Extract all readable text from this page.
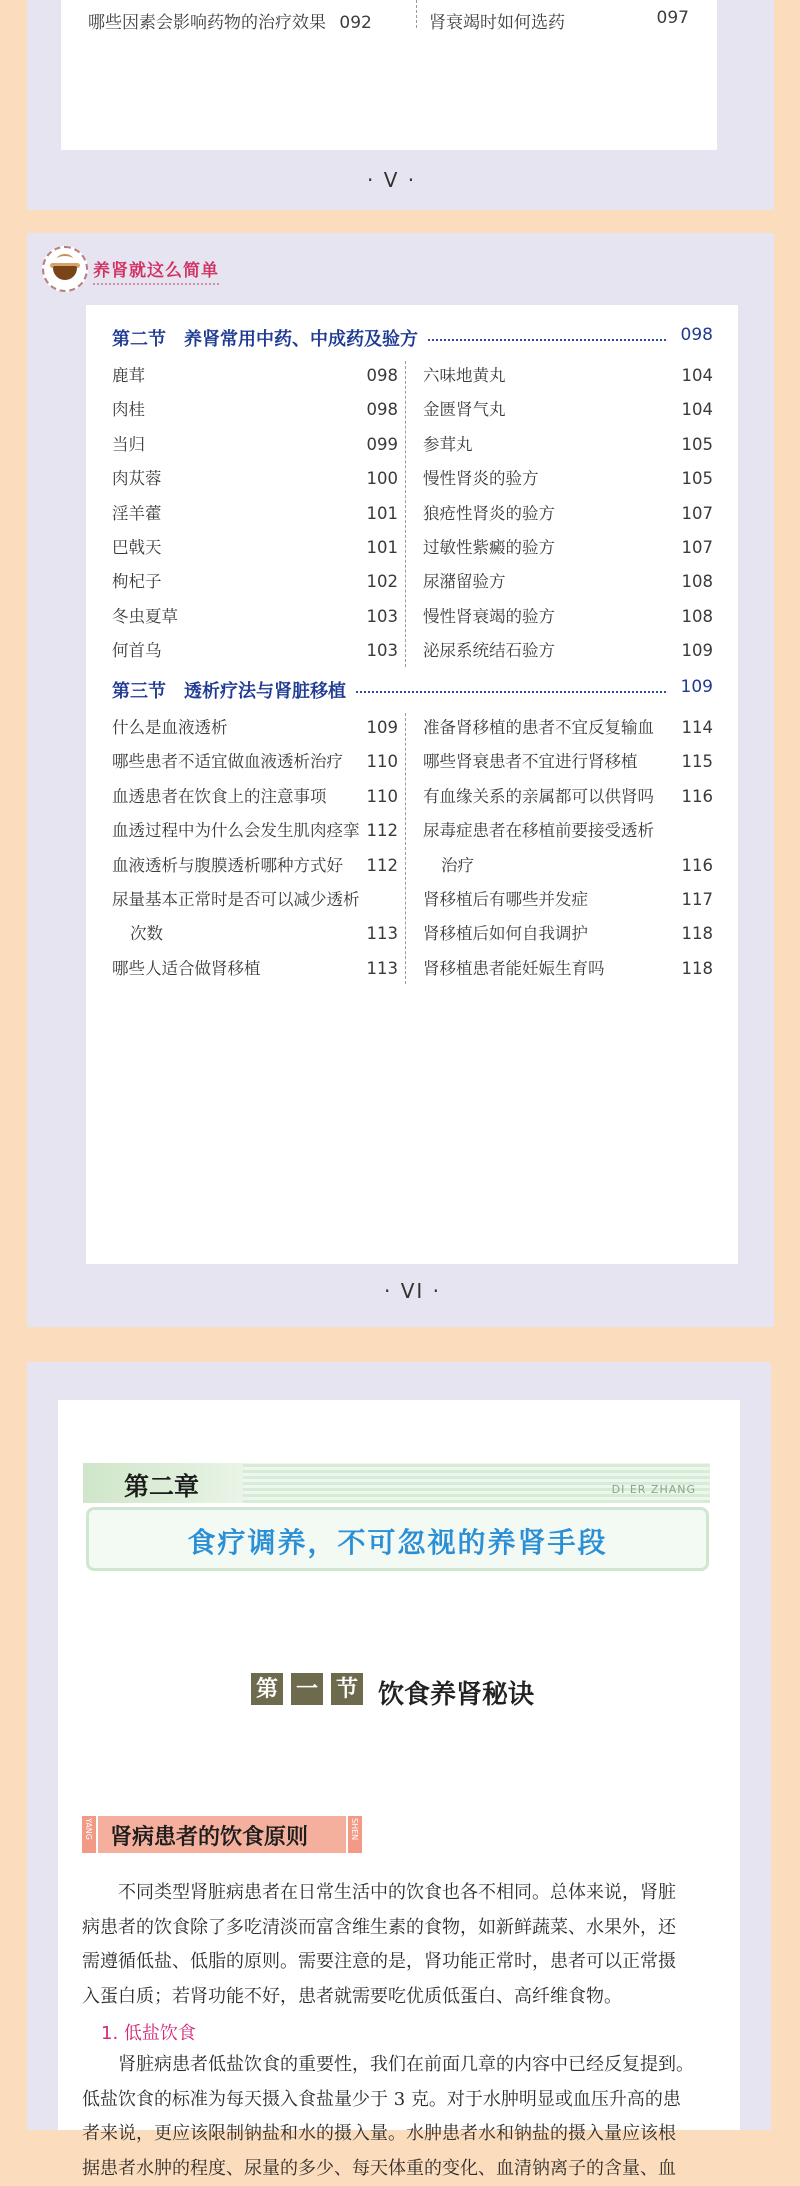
哪些因素会影响药物的治疗效果 092	肾衰竭时如何选药	097
· V ·
养肾就这么简单
第二节　养肾常用中药、中成药及验方	098
鹿茸	098
肉桂	098
当归	099
肉苁蓉	100
淫羊藿	101
巴戟天	101
枸杞子	102
冬虫夏草	103
何首乌	103
六味地黄丸	104
金匮肾气丸	104
参茸丸	105
慢性肾炎的验方	105
狼疮性肾炎的验方	107
过敏性紫癜的验方	107
尿潴留验方	108
慢性肾衰竭的验方	108
泌尿系统结石验方	109
第三节　透析疗法与肾脏移植	109
什么是血液透析	109
哪些患者不适宜做血液透析治疗 110
血透患者在饮食上的注意事项 110
血透过程中为什么会发生肌肉痉挛 112
血液透析与腹膜透析哪种方式好 112
尿量基本正常时是否可以减少透析
次数	113
哪些人适合做肾移植	113
准备肾移植的患者不宜反复输血 114
哪些肾衰患者不宜进行肾移植	115
有血缘关系的亲属都可以供肾吗 116
尿毒症患者在移植前要接受透析
治疗	116
肾移植后有哪些并发症	117
肾移植后如何自我调护	118
肾移植患者能妊娠生育吗	118
· VI ·
第二章	DI ER ZHANG
食疗调养，不可忽视的养肾手段
第 一 节 饮食养肾秘诀
YANG 肾病患者的饮食原则	SHEN
　　不同类型肾脏病患者在日常生活中的饮食也各不相同。总体来说，肾脏
病患者的饮食除了多吃清淡而富含维生素的食物，如新鲜蔬菜、水果外，还
需遵循低盐、低脂的原则。需要注意的是，肾功能正常时，患者可以正常摄
入蛋白质；若肾功能不好，患者就需要吃优质低蛋白、高纤维食物。
1. 低盐饮食
　　肾脏病患者低盐饮食的重要性，我们在前面几章的内容中已经反复提到。
低盐饮食的标准为每天摄入食盐量少于 3 克。对于水肿明显或血压升高的患
者来说，更应该限制钠盐和水的摄入量。水肿患者水和钠盐的摄入量应该根
据患者水肿的程度、尿量的多少、每天体重的变化、血清钠离子的含量、血
